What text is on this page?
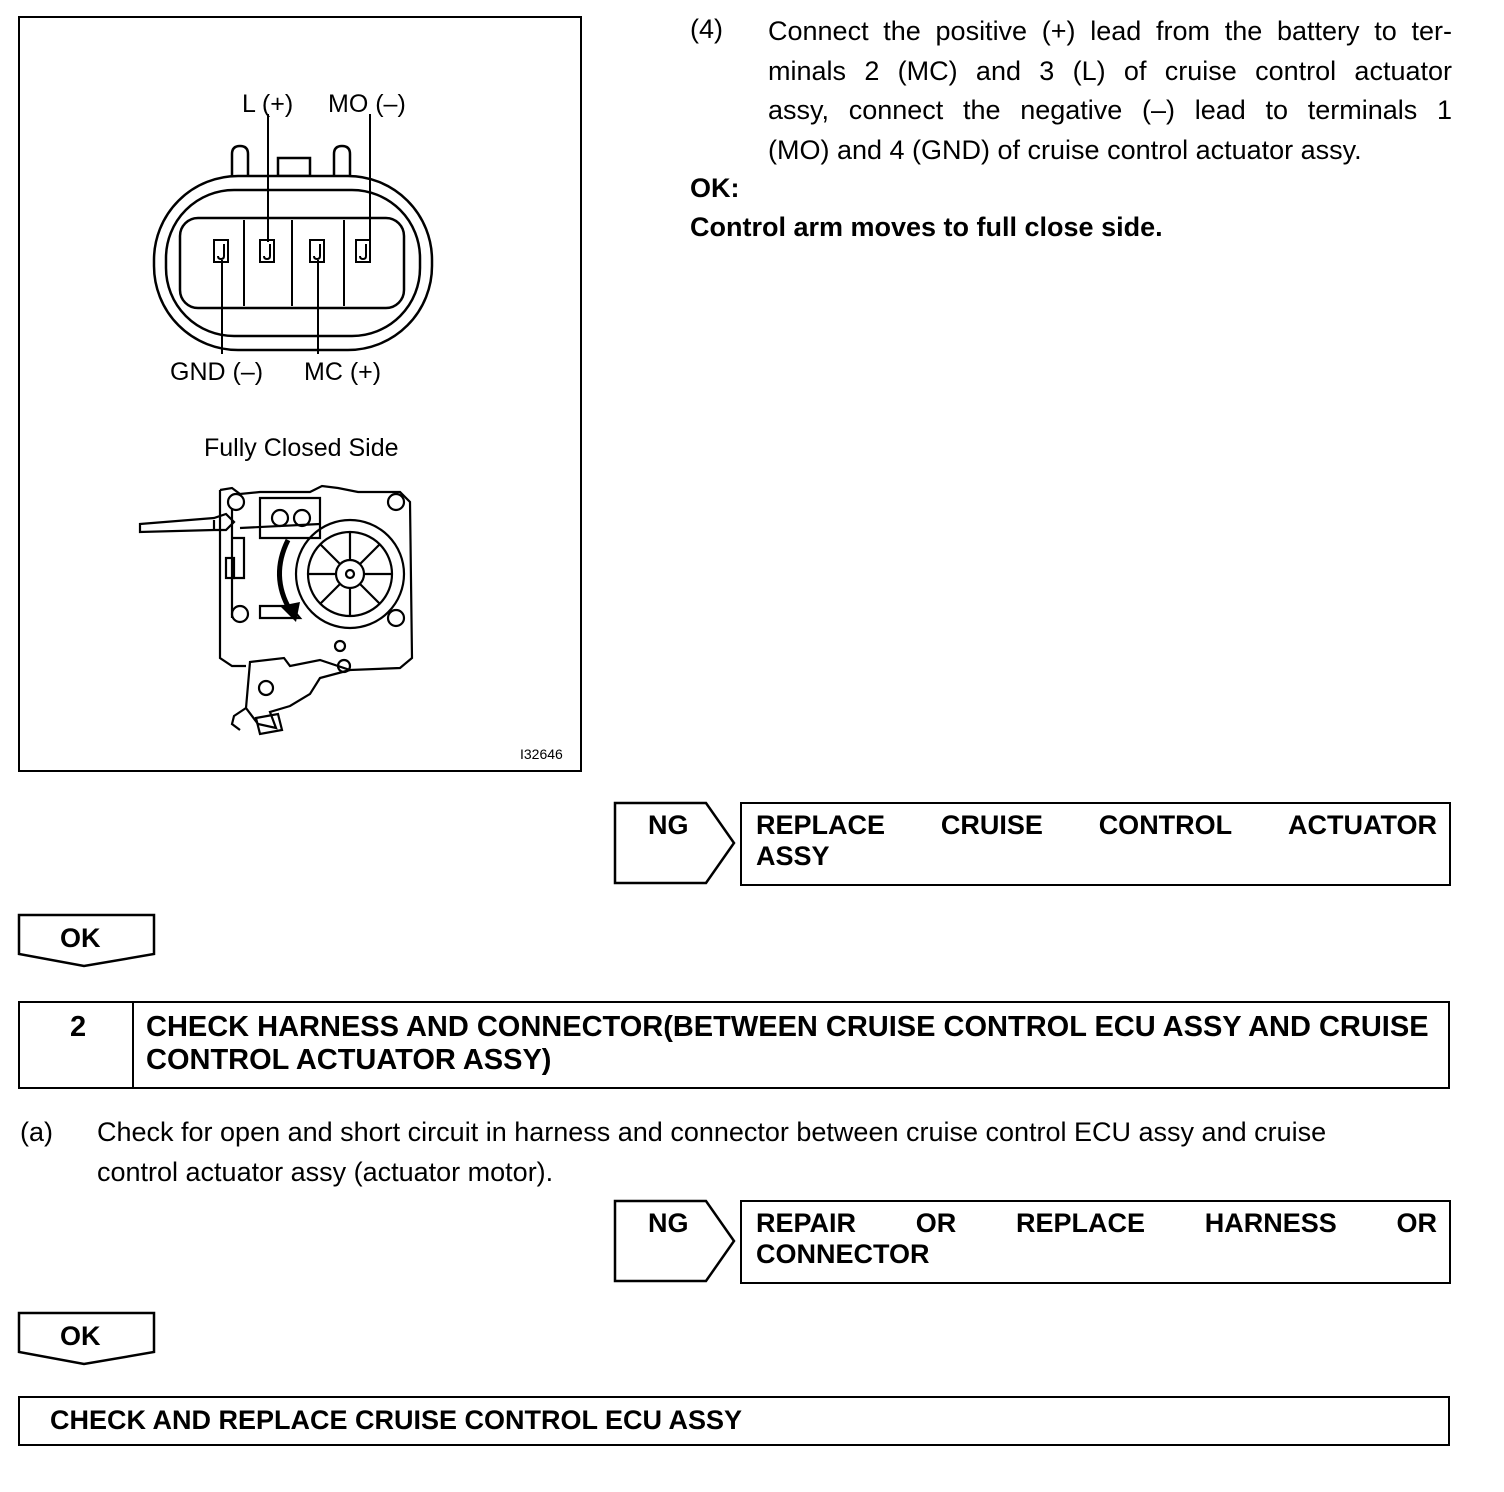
L (+) MO (–)
GND (–) MC (+)
Fully Closed Side
I32646
(4) Connect the positive (+) lead from the battery to ter-
minals 2 (MC) and 3 (L) of cruise control actuator
assy, connect the negative (–) lead to terminals 1
(MO) and 4 (GND) of cruise control actuator assy.
OK:
Control arm moves to full close side.
NG	REPLACE CRUISE CONTROL ACTUATOR
ASSY
OK
2 CHECK HARNESS AND CONNECTOR(BETWEEN CRUISE CONTROL ECU ASSY AND CRUISE CONTROL ACTUATOR ASSY)
(a) Check for open and short circuit in harness and connector between cruise control ECU assy and cruise
control actuator assy (actuator motor).
NG	REPAIR OR REPLACE HARNESS OR
CONNECTOR
OK
CHECK AND REPLACE CRUISE CONTROL ECU ASSY
